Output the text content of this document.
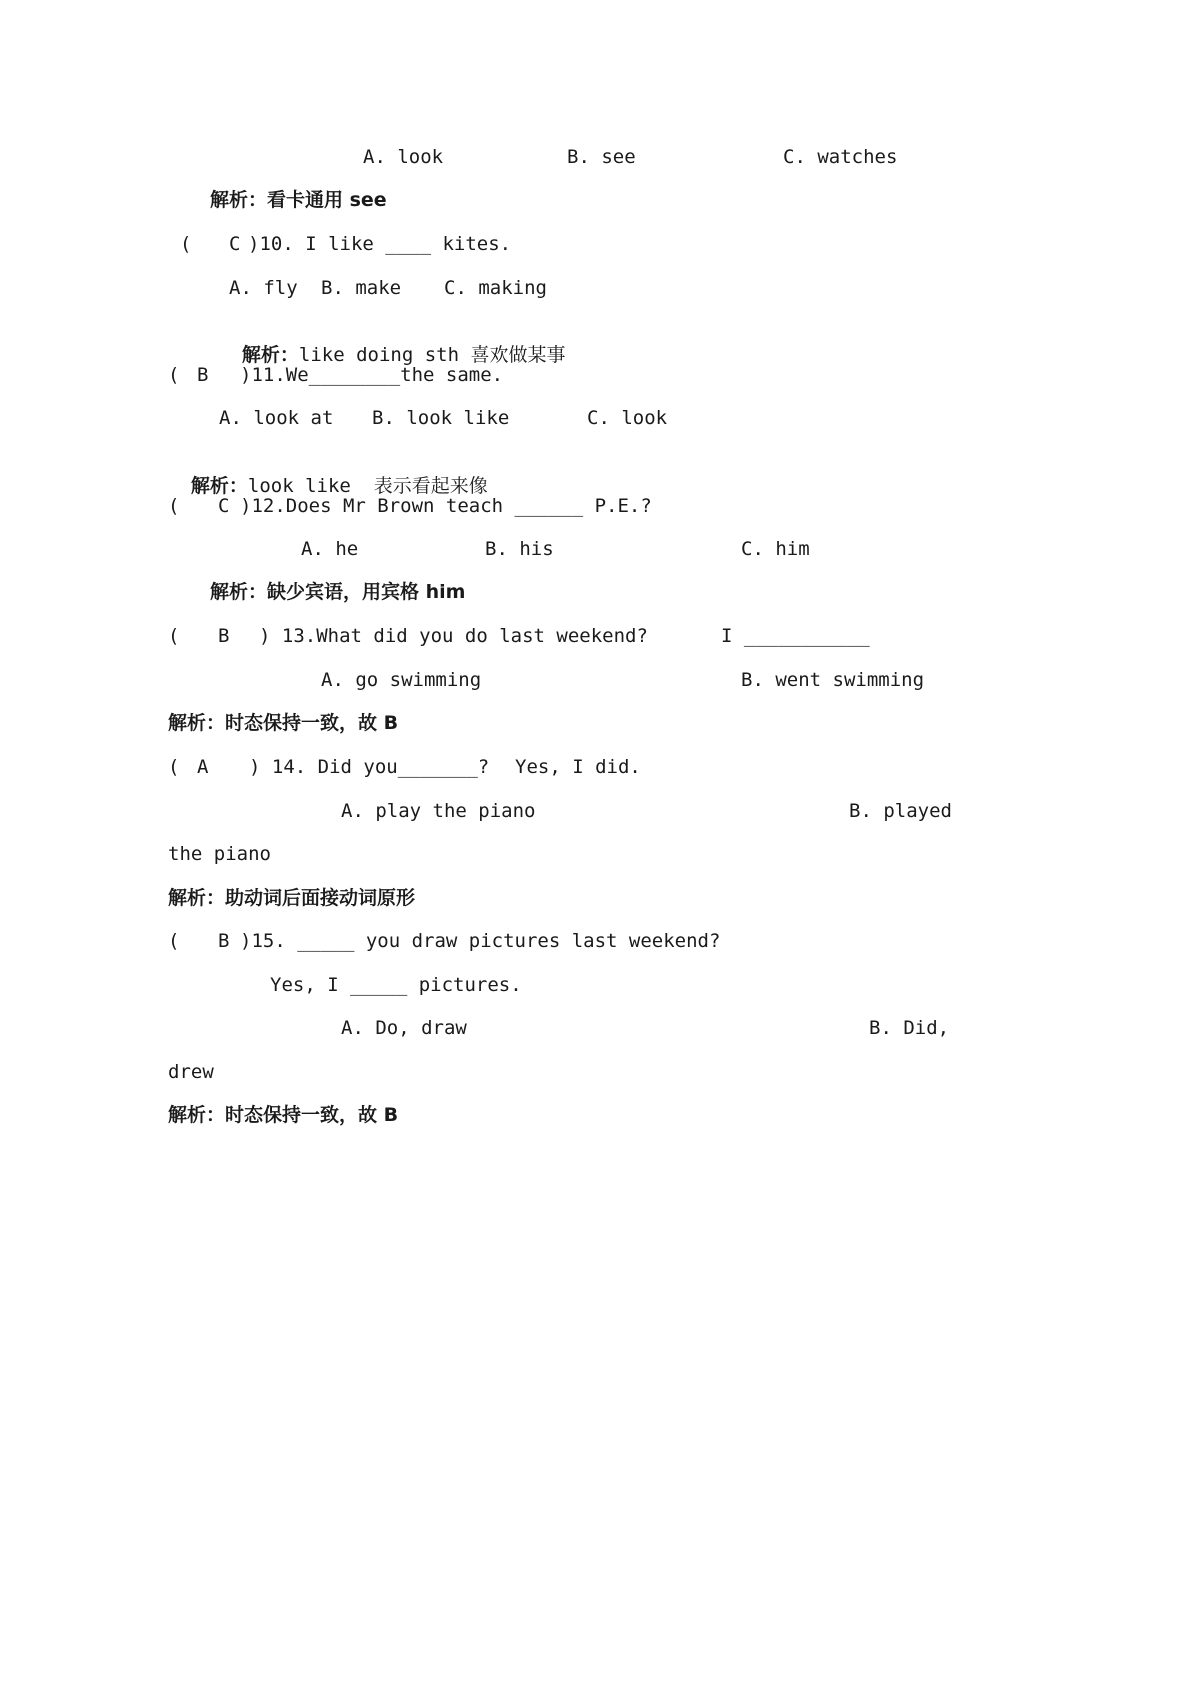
A. look	B. see	C. watches
解析：看卡通用 see
( C )10. I like ____ kites.
A. fly B. make C. making

解析：like doing sth 喜欢做某事

( B )11.We________the same.
A. look at B. look like	C. look

解析：look like  表示看起来像

( C )12.Does Mr Brown teach ______ P.E.?
A. he	B. his	C. him
解析：缺少宾语，用宾格 him
( B ) 13.What did you do last weekend?	I ___________
A. go swimming	B. went swimming
解析：时态保持一致，故 B
( A ) 14. Did you_______? Yes, I did.
A. play the piano	B. played
the piano
解析：助动词后面接动词原形
( B )15. _____ you draw pictures last weekend?
Yes, I _____ pictures.
A. Do, draw	B. Did,
drew
解析：时态保持一致，故 B
